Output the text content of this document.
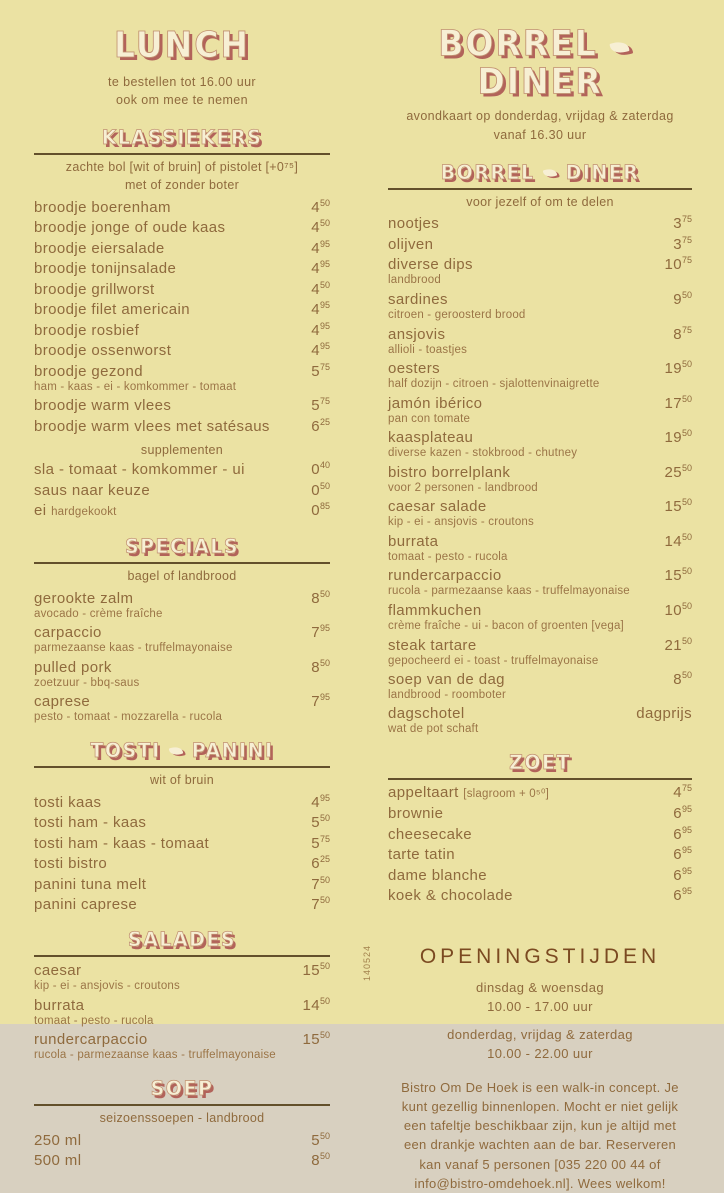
LUNCH
te bestellen tot 16.00 uur
ook om mee te nemen
KLASSIEKERS
zachte bol [wit of bruin] of pistolet [+0⁷⁵]
met of zonder boter
broodje boerenham	$4^{50}$
broodje jonge of oude kaas	$4^{50}$
broodje eiersalade	$4^{95}$
broodje tonijnsalade	$4^{95}$
broodje grillworst	$4^{50}$
broodje filet americain	$4^{95}$
broodje rosbief	$4^{95}$
broodje ossenworst	$4^{95}$
broodje gezond	$5^{75}$
ham - kaas - ei - komkommer - tomaat
broodje warm vlees	$5^{75}$
broodje warm vlees met satésaus	$6^{25}$
supplementen
sla - tomaat - komkommer - ui	$0^{40}$
saus naar keuze	$0^{50}$
ei hardgekookt	$0^{85}$
SPECIALS
bagel of landbrood
gerookte zalm	$8^{50}$
avocado - crème fraîche
carpaccio	$7^{95}$
parmezaanse kaas - truffelmayonaise
pulled pork	$8^{50}$
zoetzuur - bbq-saus
caprese	$7^{95}$
pesto - tomaat - mozzarella - rucola
TOSTI PANINI
wit of bruin
tosti kaas	$4^{95}$
tosti ham - kaas	$5^{50}$
tosti ham - kaas - tomaat	$5^{75}$
tosti bistro	$6^{25}$
panini tuna melt	$7^{50}$
panini caprese	$7^{50}$
SALADES
caesar	$15^{50}$
kip - ei - ansjovis - croutons
burrata	$14^{50}$
tomaat - pesto - rucola
rundercarpaccio	$15^{50}$
rucola - parmezaanse kaas - truffelmayonaise
SOEP
seizoenssoepen - landbrood
250 ml	$5^{50}$
500 ml	$8^{50}$
BORRELDINER
avondkaart op donderdag, vrijdag & zaterdag
vanaf 16.30 uur
BORREL DINER
voor jezelf of om te delen
nootjes	$3^{75}$
olijven	$3^{75}$
diverse dips	$10^{75}$
landbrood
sardines	$9^{50}$
citroen - geroosterd brood
ansjovis	$8^{75}$
allioli - toastjes
oesters	$19^{50}$
half dozijn - citroen - sjalottenvinaigrette
jamón ibérico	$17^{50}$
pan con tomate
kaasplateau	$19^{50}$
diverse kazen - stokbrood - chutney
bistro borrelplank	$25^{50}$
voor 2 personen - landbrood
caesar salade	$15^{50}$
kip - ei - ansjovis - croutons
burrata	$14^{50}$
tomaat - pesto - rucola
rundercarpaccio	$15^{50}$
rucola - parmezaanse kaas - truffelmayonaise
flammkuchen	$10^{50}$
crème fraîche - ui - bacon of groenten [vega]
steak tartare	$21^{50}$
gepocheerd ei - toast - truffelmayonaise
soep van de dag	$8^{50}$
landbrood - roomboter
dagschotel	dagprijs
wat de pot schaft
ZOET
appeltaart [slagroom + 0⁵⁰]	$4^{75}$
brownie	$6^{95}$
cheesecake	$6^{95}$
tarte tatin	$6^{95}$
dame blanche	$6^{95}$
koek & chocolade	$6^{95}$
OPENINGSTIJDEN
dinsdag & woensdag
10.00 - 17.00 uur
donderdag, vrijdag & zaterdag
10.00 - 22.00 uur

Bistro Om De Hoek is een walk-in concept. Je kunt gezellig binnenlopen. Mocht er niet gelijk een tafeltje beschikbaar zijn, kun je altijd met een drankje wachten aan de bar. Reserveren kan vanaf 5 personen [035 220 00 44 of info@bistro-omdehoek.nl]. Wees welkom!

140524
